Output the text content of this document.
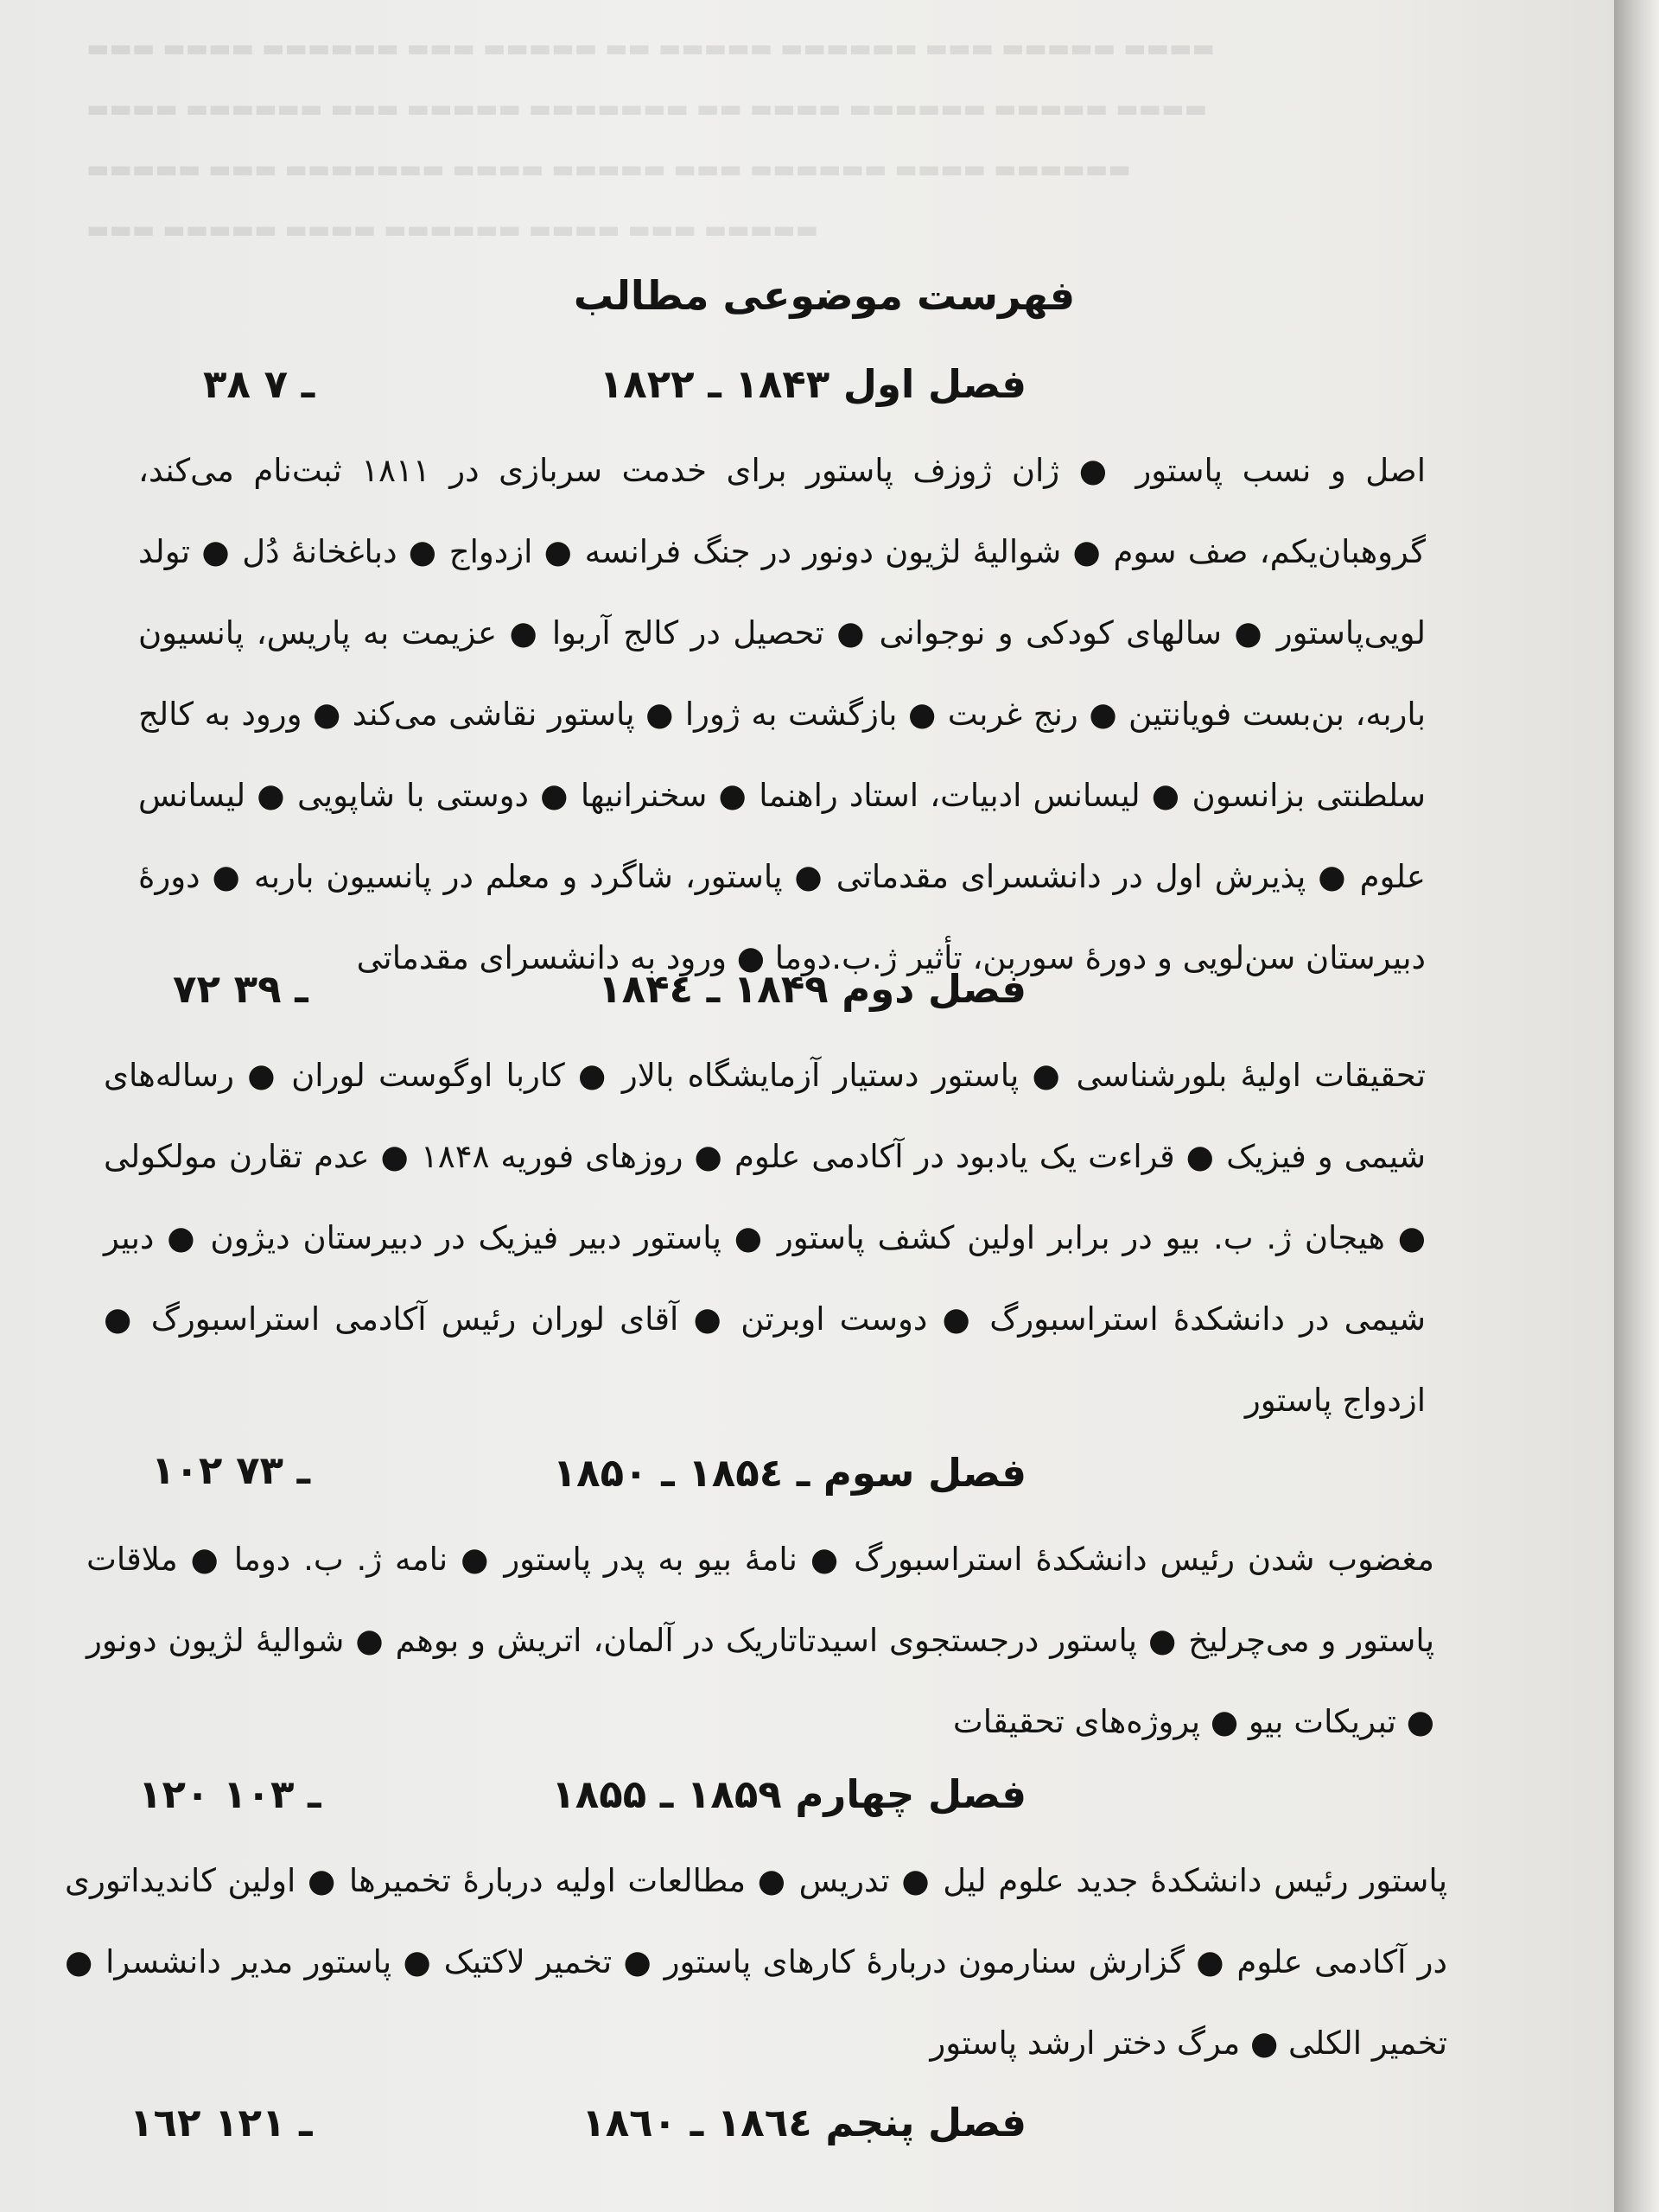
فهرست موضوعی مطالب
فصل اول ۱۸۴۳ ـ ۱۸۲۲
۳۸ ـ ۷
اصل و نسب پاستور ● ژان ژوزف پاستور برای خدمت سربازی در ۱۸۱۱ ثبت‌نام می‌کند، گروهبان‌یکم، صف سوم ● شوالیهٔ لژیون دونور در جنگ فرانسه ● ازدواج ● دباغخانهٔ دُل ● تولد لویی‌پاستور ● سالهای کودکی و نوجوانی ● تحصیل در کالج آربوا ● عزیمت به پاریس، پانسیون باربه، بن‌بست فویانتین ● رنج غربت ● بازگشت به ژورا ● پاستور نقاشی می‌کند ● ورود به کالج سلطنتی بزانسون ● لیسانس ادبیات، استاد راهنما ● سخنرانیها ● دوستی با شاپویی ● لیسانس علوم ● پذیرش اول در دانشسرای مقدماتی ● پاستور، شاگرد و معلم در پانسیون باربه ● دورهٔ دبیرستان سن‌لویی و دورهٔ سوربن، تأثیر ژ.ب.دوما ● ورود به دانشسرای مقدماتی
فصل دوم ۱۸۴۹ ـ ۱۸۴٤
۷۲ ـ ۳۹
تحقیقات اولیهٔ بلورشناسی ● پاستور دستیار آزمایشگاه بالار ● کاربا اوگوست لوران ● رساله‌های شیمی و فیزیک ● قراءت یک یادبود در آکادمی علوم ● روزهای فوریه ۱۸۴۸ ● عدم تقارن مولکولی ● هیجان ژ. ب. بیو در برابر اولین کشف پاستور ● پاستور دبیر فیزیک در دبیرستان دیژون ● دبیر شیمی در دانشکدهٔ استراسبورگ ● دوست اوبرتن ● آقای لوران رئیس آکادمی استراسبورگ ● ازدواج پاستور
فصل سوم ـ ۱۸۵٤ ـ ۱۸۵۰
۱۰۲ ـ ۷۳
مغضوب شدن رئیس دانشکدهٔ استراسبورگ ● نامهٔ بیو به پدر پاستور ● نامه ژ. ب. دوما ● ملاقات پاستور و می‌چرلیخ ● پاستور درجستجوی اسیدتاتاریک در آلمان، اتریش و بوهم ● شوالیهٔ لژیون دونور ● تبریکات بیو ● پروژه‌های تحقیقات
فصل چهارم ۱۸۵۹ ـ ۱۸۵۵
۱۲۰ ـ ۱۰۳
پاستور رئیس دانشکدهٔ جدید علوم لیل ● تدریس ● مطالعات اولیه دربارهٔ تخمیرها ● اولین کاندیداتوری در آکادمی علوم ● گزارش سنارمون دربارهٔ کارهای پاستور ● تخمیر لاکتیک ● پاستور مدیر دانشسرا ● تخمیر الکلی ● مرگ دختر ارشد پاستور
فصل پنجم ۱۸٦٤ ـ ۱۸٦۰
۱٦۲ ـ ۱۲۱
